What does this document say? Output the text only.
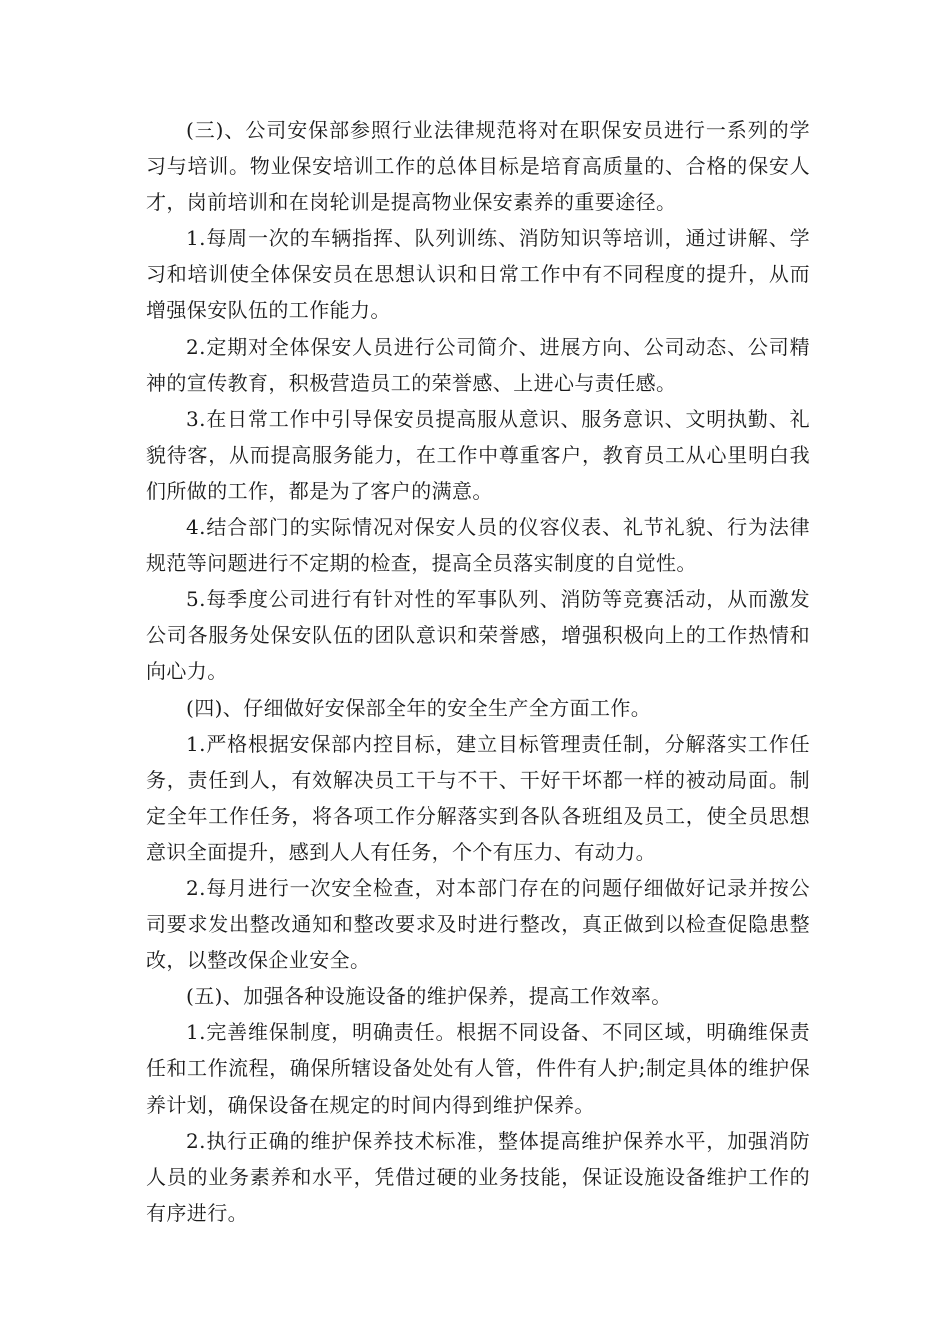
(三)、公司安保部参照行业法律规范将对在职保安员进行一系列的学习与培训。物业保安培训工作的总体目标是培育高质量的、合格的保安人才，岗前培训和在岗轮训是提高物业保安素养的重要途径。

1.每周一次的车辆指挥、队列训练、消防知识等培训，通过讲解、学习和培训使全体保安员在思想认识和日常工作中有不同程度的提升，从而增强保安队伍的工作能力。

2.定期对全体保安人员进行公司简介、进展方向、公司动态、公司精神的宣传教育，积极营造员工的荣誉感、上进心与责任感。

3.在日常工作中引导保安员提高服从意识、服务意识、文明执勤、礼貌待客，从而提高服务能力，在工作中尊重客户，教育员工从心里明白我们所做的工作，都是为了客户的满意。

4.结合部门的实际情况对保安人员的仪容仪表、礼节礼貌、行为法律规范等问题进行不定期的检查，提高全员落实制度的自觉性。

5.每季度公司进行有针对性的军事队列、消防等竞赛活动，从而激发公司各服务处保安队伍的团队意识和荣誉感，增强积极向上的工作热情和向心力。

(四)、仔细做好安保部全年的安全生产全方面工作。

1.严格根据安保部内控目标，建立目标管理责任制，分解落实工作任务，责任到人，有效解决员工干与不干、干好干坏都一样的被动局面。制定全年工作任务，将各项工作分解落实到各队各班组及员工，使全员思想意识全面提升，感到人人有任务，个个有压力、有动力。

2.每月进行一次安全检查，对本部门存在的问题仔细做好记录并按公司要求发出整改通知和整改要求及时进行整改，真正做到以检查促隐患整改，以整改保企业安全。

(五)、加强各种设施设备的维护保养，提高工作效率。

1.完善维保制度，明确责任。根据不同设备、不同区域，明确维保责任和工作流程，确保所辖设备处处有人管，件件有人护;制定具体的维护保养计划，确保设备在规定的时间内得到维护保养。

2.执行正确的维护保养技术标准，整体提高维护保养水平，加强消防人员的业务素养和水平，凭借过硬的业务技能，保证设施设备维护工作的有序进行。
